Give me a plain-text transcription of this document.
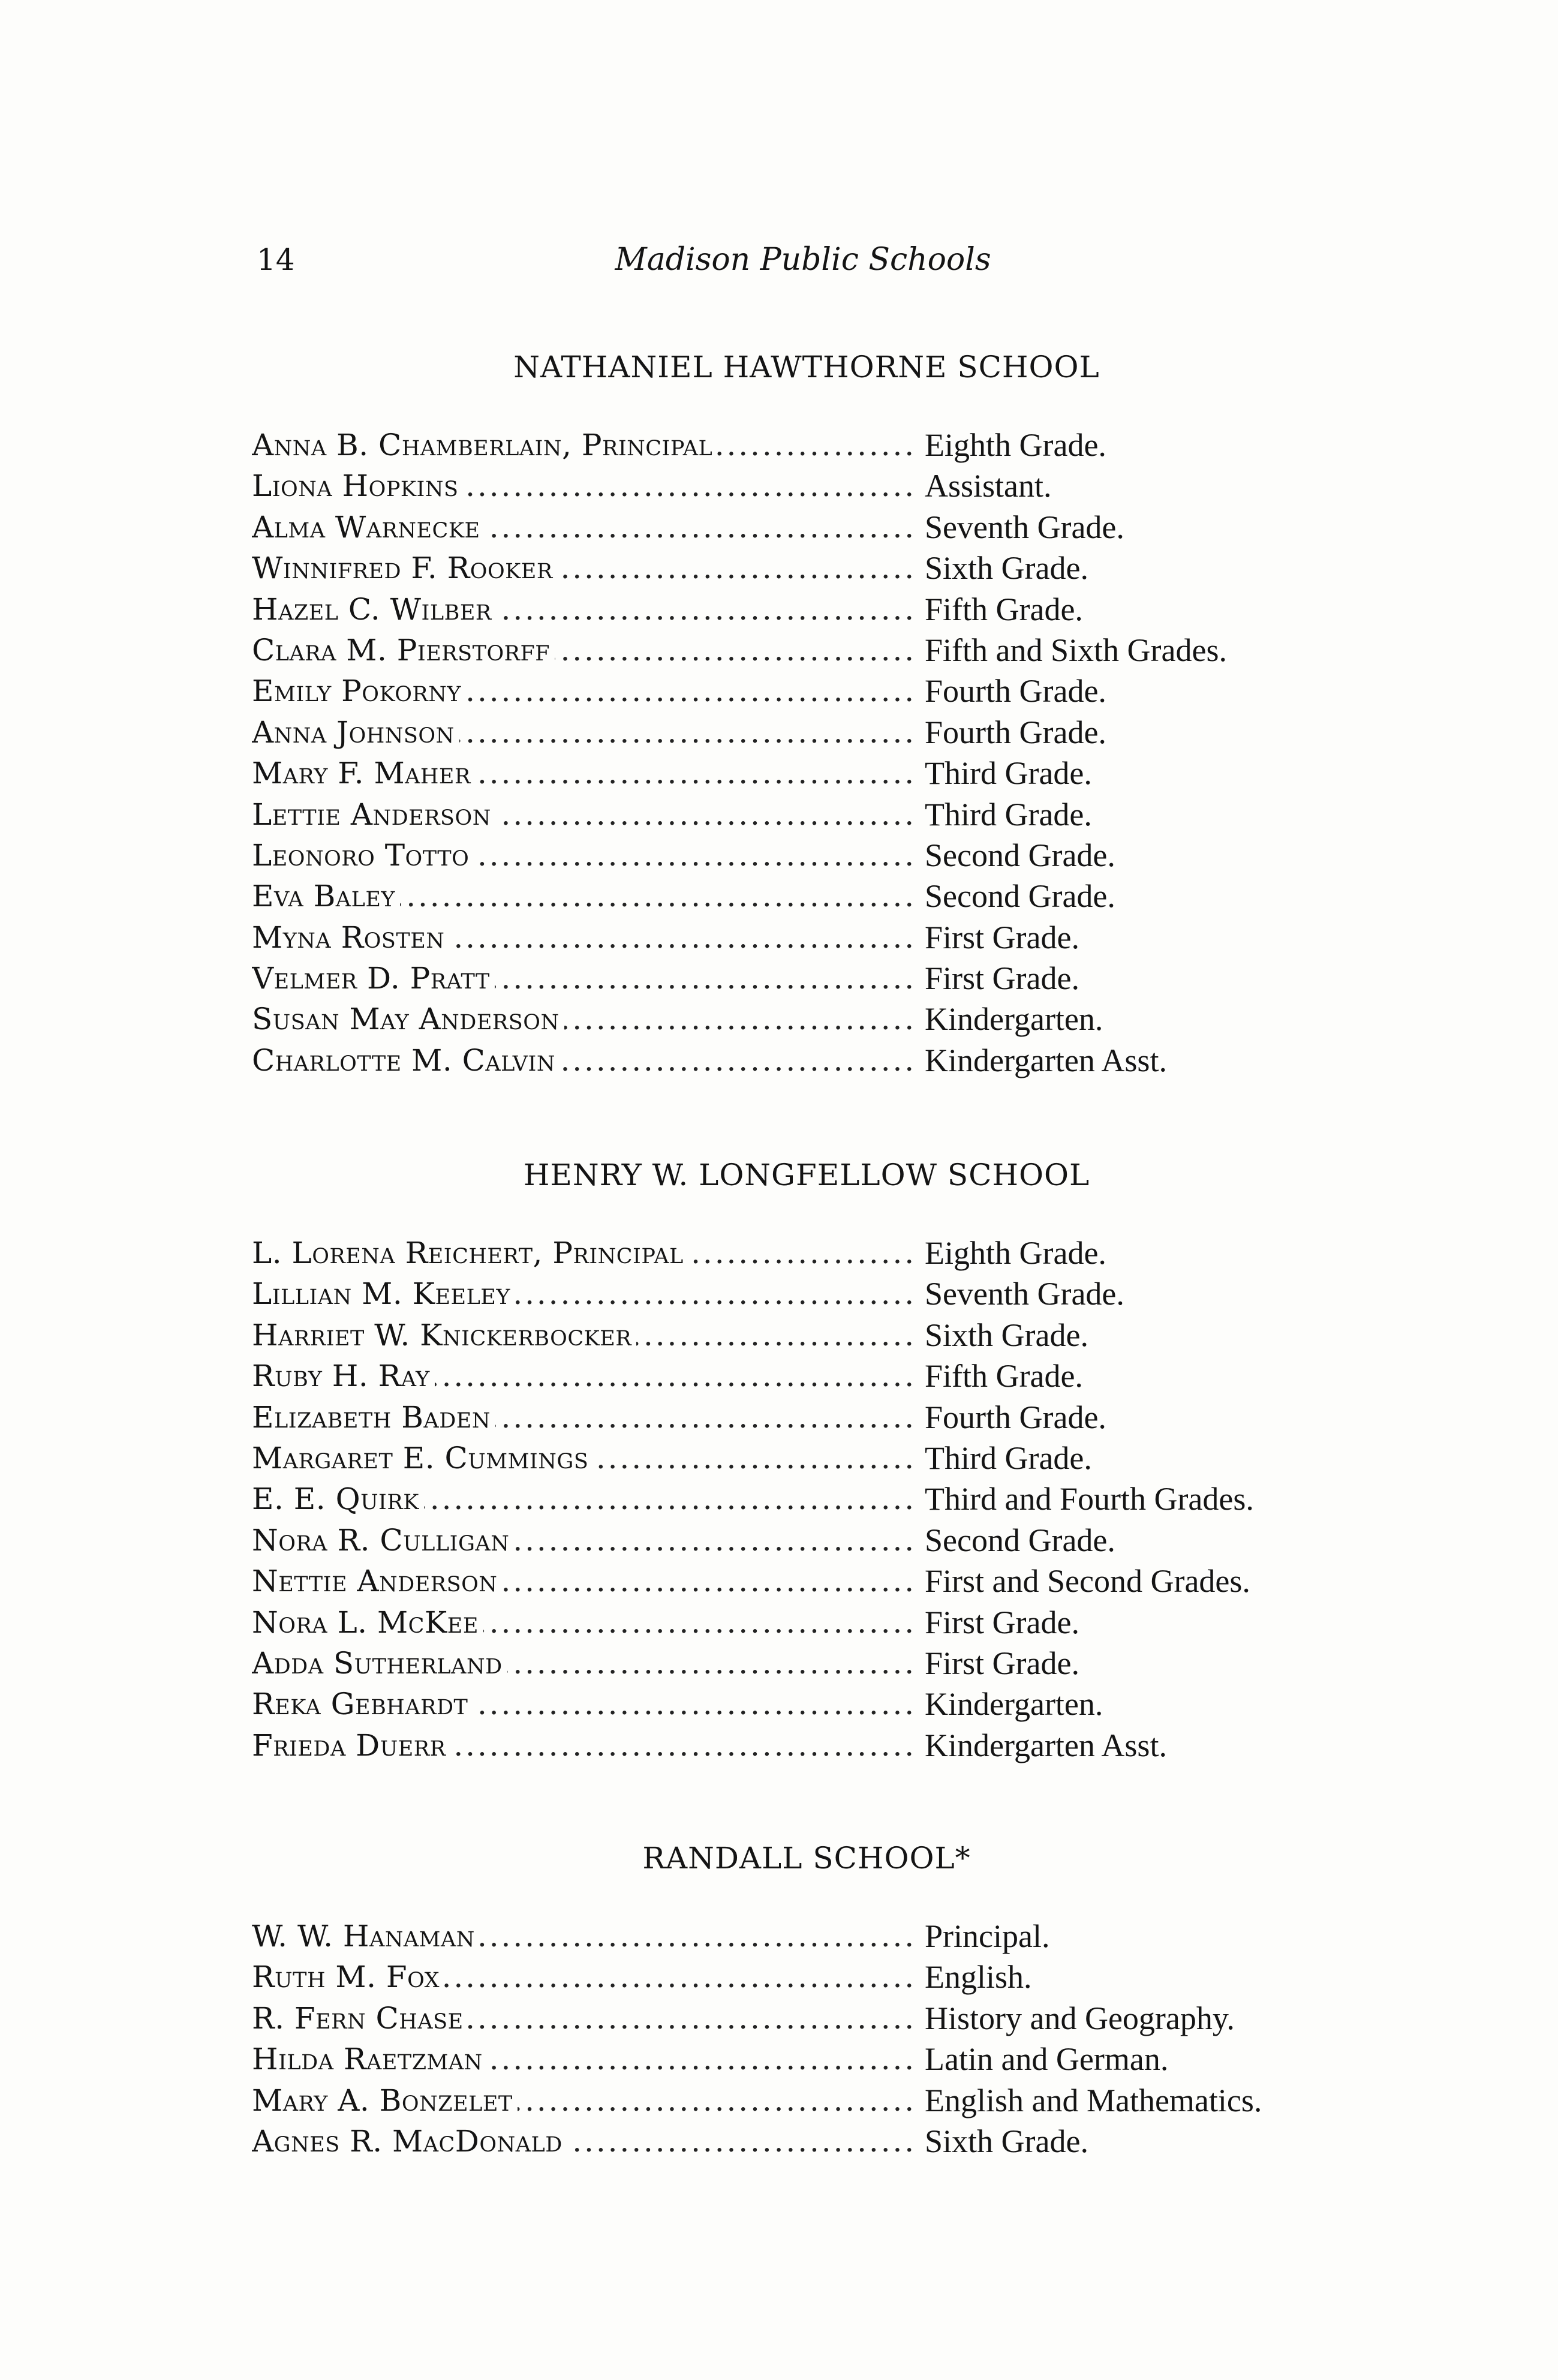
14	Madison Public Schools
NATHANIEL HAWTHORNE SCHOOL
Anna B. Chamberlain, Principal . . .	Eighth Grade.
Liona Hopkins . . .	Assistant.
Alma Warnecke . . .	Seventh Grade.
Winnifred F. Rooker . . .	Sixth Grade.
Hazel C. Wilber . . .	Fifth Grade.
Clara M. Pierstorff . . .	Fifth and Sixth Grades.
Emily Pokorny . . .	Fourth Grade.
Anna Johnson . . .	Fourth Grade.
Mary F. Maher . . .	Third Grade.
Lettie Anderson . . .	Third Grade.
Leonoro Totto . . .	Second Grade.
Eva Baley . . .	Second Grade.
Myna Rosten . . .	First Grade.
Velmer D. Pratt . . .	First Grade.
Susan May Anderson . . .	Kindergarten.
Charlotte M. Calvin . . .	Kindergarten Asst.
HENRY W. LONGFELLOW SCHOOL
L. Lorena Reichert, Principal . . .	Eighth Grade.
Lillian M. Keeley . . .	Seventh Grade.
Harriet W. Knickerbocker . . .	Sixth Grade.
Ruby H. Ray . . .	Fifth Grade.
Elizabeth Baden . . .	Fourth Grade.
Margaret E. Cummings . . .	Third Grade.
E. E. Quirk . . .	Third and Fourth Grades.
Nora R. Culligan . . .	Second Grade.
Nettie Anderson . . .	First and Second Grades.
Nora L. McKee . . .	First Grade.
Adda Sutherland . . .	First Grade.
Reka Gebhardt . . .	Kindergarten.
Frieda Duerr . . .	Kindergarten Asst.
RANDALL SCHOOL*
W. W. Hanaman . . .	Principal.
Ruth M. Fox . . .	English.
R. Fern Chase . . .	History and Geography.
Hilda Raetzman . . .	Latin and German.
Mary A. Bonzelet . . .	English and Mathematics.
Agnes R. MacDonald . . .	Sixth Grade.
